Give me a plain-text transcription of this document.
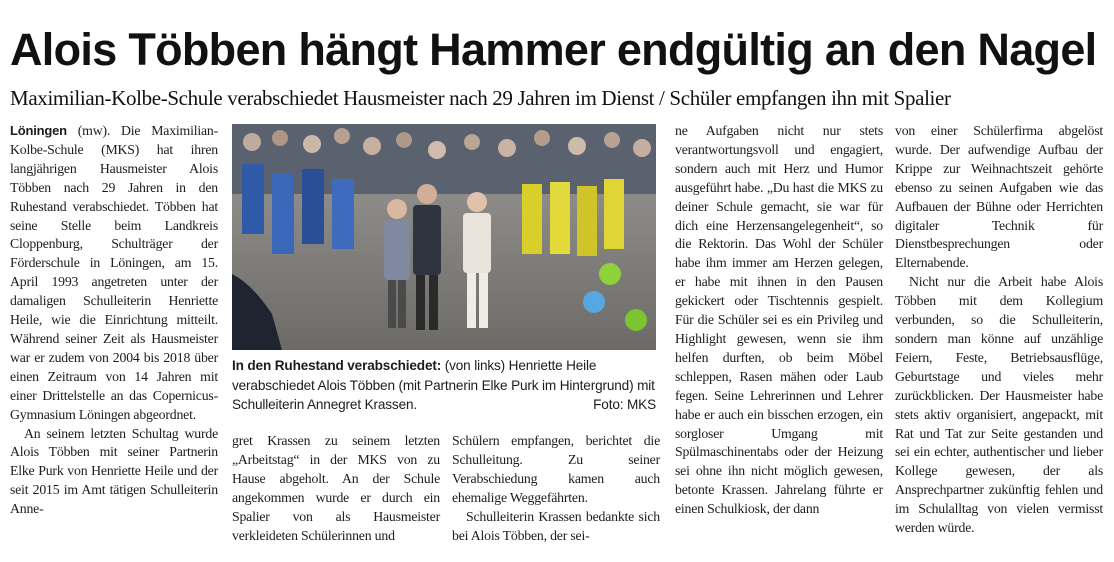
Alois Többen hängt Hammer endgültig an den Nagel
Maximilian-Kolbe-Schule verabschiedet Hausmeister nach 29 Jahren im Dienst / Schüler empfangen ihn mit Spalier

Löningen (mw). Die Maximilian-Kolbe-Schule (MKS) hat ihren langjährigen Hausmeister Alois Többen nach 29 Jahren in den Ruhestand verabschiedet. Többen hat seine Stelle beim Landkreis Cloppenburg, Schulträger der Förderschule in Löningen, am 15. April 1993 angetreten unter der damaligen Schulleiterin Henriette Heile, wie die Einrichtung mitteilt. Während seiner Zeit als Hausmeister war er zudem von 2004 bis 2018 über einen Zeitraum von 14 Jahren mit einer Drittelstelle an das Copernicus-Gymnasium Löningen abgeordnet.

An seinem letzten Schultag wurde Alois Többen mit seiner Partnerin Elke Purk von Henriette Heile und der seit 2015 im Amt tätigen Schulleiterin Anne-

In den Ruhestand verabschiedet: (von links) Henriette Heile verabschiedet Alois Többen (mit Partnerin Elke Purk im Hintergrund) mit Schulleiterin Annegret Krassen.	Foto: MKS

gret Krassen zu seinem letzten „Arbeitstag“ in der MKS von zu Hause abgeholt. An der Schule angekommen wurde er durch ein Spalier von als Hausmeister verkleideten Schülerinnen und

Schülern empfangen, berichtet die Schulleitung. Zu seiner Verabschiedung kamen auch ehemalige Weggefährten.

Schulleiterin Krassen bedankte sich bei Alois Többen, der sei-

ne Aufgaben nicht nur stets verantwortungsvoll und engagiert, sondern auch mit Herz und Humor ausgeführt habe. „Du hast die MKS zu deiner Schule gemacht, sie war für dich eine Herzensangelegenheit“, so die Rektorin. Das Wohl der Schüler habe ihm immer am Herzen gelegen, er habe mit ihnen in den Pausen gekickert oder Tischtennis gespielt. Für die Schüler sei es ein Privileg und Highlight gewesen, wenn sie ihm helfen durften, ob beim Möbel schleppen, Rasen mähen oder Laub fegen. Seine Lehrerinnen und Lehrer habe er auch ein bisschen erzogen, ein sorgloser Umgang mit Spülmaschinentabs oder der Heizung sei ohne ihn nicht möglich gewesen, betonte Krassen. Jahrelang führte er einen Schulkiosk, der dann

von einer Schülerfirma abgelöst wurde. Der aufwendige Aufbau der Krippe zur Weihnachtszeit gehörte ebenso zu seinen Aufgaben wie das Aufbauen der Bühne oder Herrichten digitaler Technik für Dienstbesprechungen oder Elternabende.

Nicht nur die Arbeit habe Alois Többen mit dem Kollegium verbunden, so die Schulleiterin, sondern man könne auf unzählige Feiern, Feste, Betriebsausflüge, Geburtstage und vieles mehr zurückblicken. Der Hausmeister habe stets aktiv organisiert, angepackt, mit Rat und Tat zur Seite gestanden und sei ein echter, authentischer und lieber Kollege gewesen, der als Ansprechpartner zukünftig fehlen und im Schulalltag von vielen vermisst werden würde.
